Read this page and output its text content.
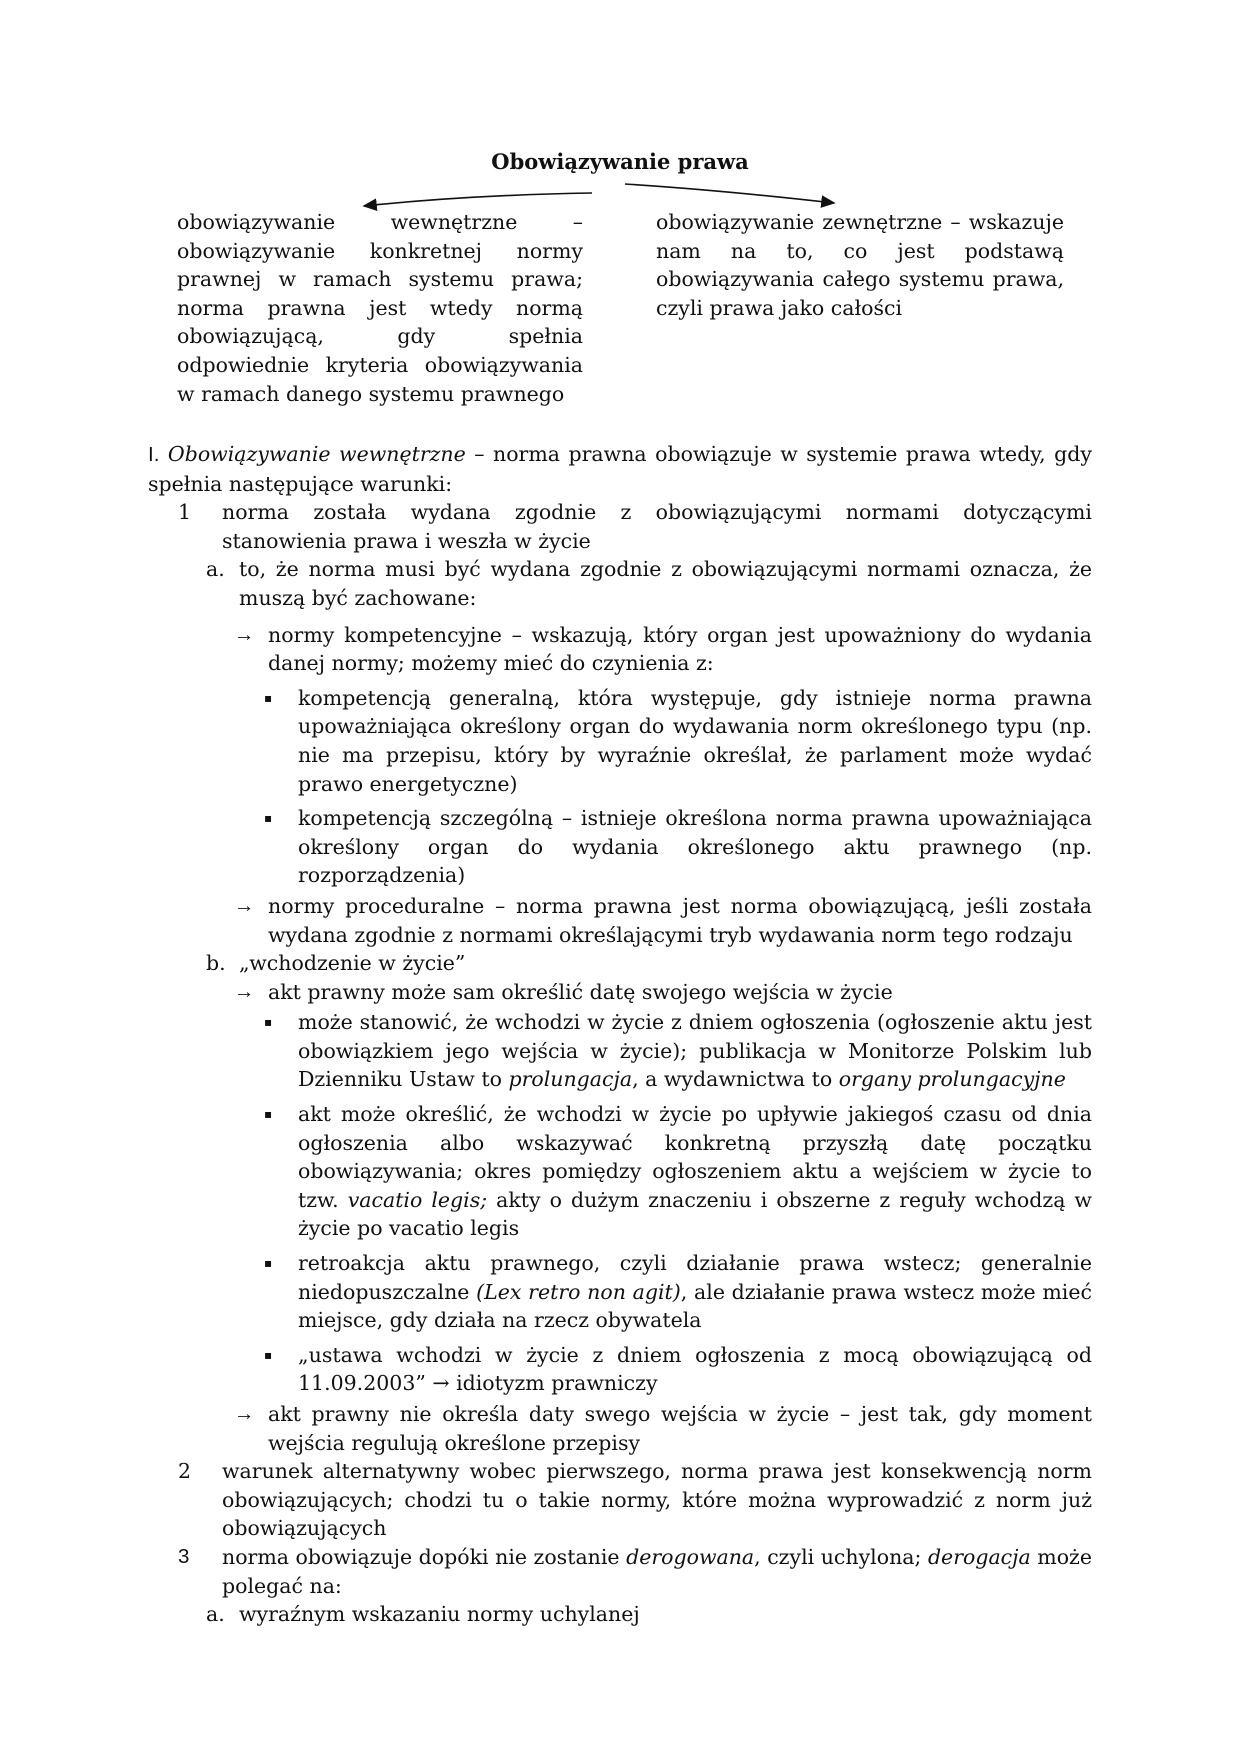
Obowiązywanie prawa
obowiązywanie wewnętrzne – obowiązywanie konkretnej normy prawnej w ramach systemu prawa; norma prawna jest wtedy normą obowiązującą, gdy spełnia odpowiednie kryteria obowiązywania w ramach danego systemu prawnego
obowiązywanie zewnętrzne – wskazuje nam na to, co jest podstawą obowiązywania całego systemu prawa, czyli prawa jako całości

I. Obowiązywanie wewnętrzne – norma prawna obowiązuje w systemie prawa wtedy, gdy spełnia następujące warunki:

1	norma została wydana zgodnie z obowiązującymi normami dotyczącymi stanowienia prawa i weszła w życie
a. to, że norma musi być wydana zgodnie z obowiązującymi normami oznacza, że muszą być zachowane:
→ normy kompetencyjne – wskazują, który organ jest upoważniony do wydania danej normy; możemy mieć do czynienia z:
▪	kompetencją generalną, która występuje, gdy istnieje norma prawna upoważniająca określony organ do wydawania norm określonego typu (np. nie ma przepisu, który by wyraźnie określał, że parlament może wydać prawo energetyczne)
▪	kompetencją szczególną – istnieje określona norma prawna upoważniająca określony organ do wydania określonego aktu prawnego (np. rozporządzenia)
→ normy proceduralne – norma prawna jest norma obowiązującą, jeśli została wydana zgodnie z normami określającymi tryb wydawania norm tego rodzaju
b. „wchodzenie w życie”
→ akt prawny może sam określić datę swojego wejścia w życie
▪	może stanowić, że wchodzi w życie z dniem ogłoszenia (ogłoszenie aktu jest obowiązkiem jego wejścia w życie); publikacja w Monitorze Polskim lub Dzienniku Ustaw to prolungacja, a wydawnictwa to organy prolungacyjne
▪	akt może określić, że wchodzi w życie po upływie jakiegoś czasu od dnia ogłoszenia albo wskazywać konkretną przyszłą datę początku obowiązywania; okres pomiędzy ogłoszeniem aktu a wejściem w życie to tzw. vacatio legis; akty o dużym znaczeniu i obszerne z reguły wchodzą w życie po vacatio legis
▪	retroakcja aktu prawnego, czyli działanie prawa wstecz; generalnie niedopuszczalne (Lex retro non agit), ale działanie prawa wstecz może mieć miejsce, gdy działa na rzecz obywatela
▪	„ustawa wchodzi w życie z dniem ogłoszenia z mocą obowiązującą od 11.09.2003” → idiotyzm prawniczy
→ akt prawny nie określa daty swego wejścia w życie – jest tak, gdy moment wejścia regulują określone przepisy
2	warunek alternatywny wobec pierwszego, norma prawa jest konsekwencją norm obowiązujących; chodzi tu o takie normy, które można wyprowadzić z norm już obowiązujących
3	norma obowiązuje dopóki nie zostanie derogowana, czyli uchylona; derogacja może polegać na:
a. wyraźnym wskazaniu normy uchylanej
